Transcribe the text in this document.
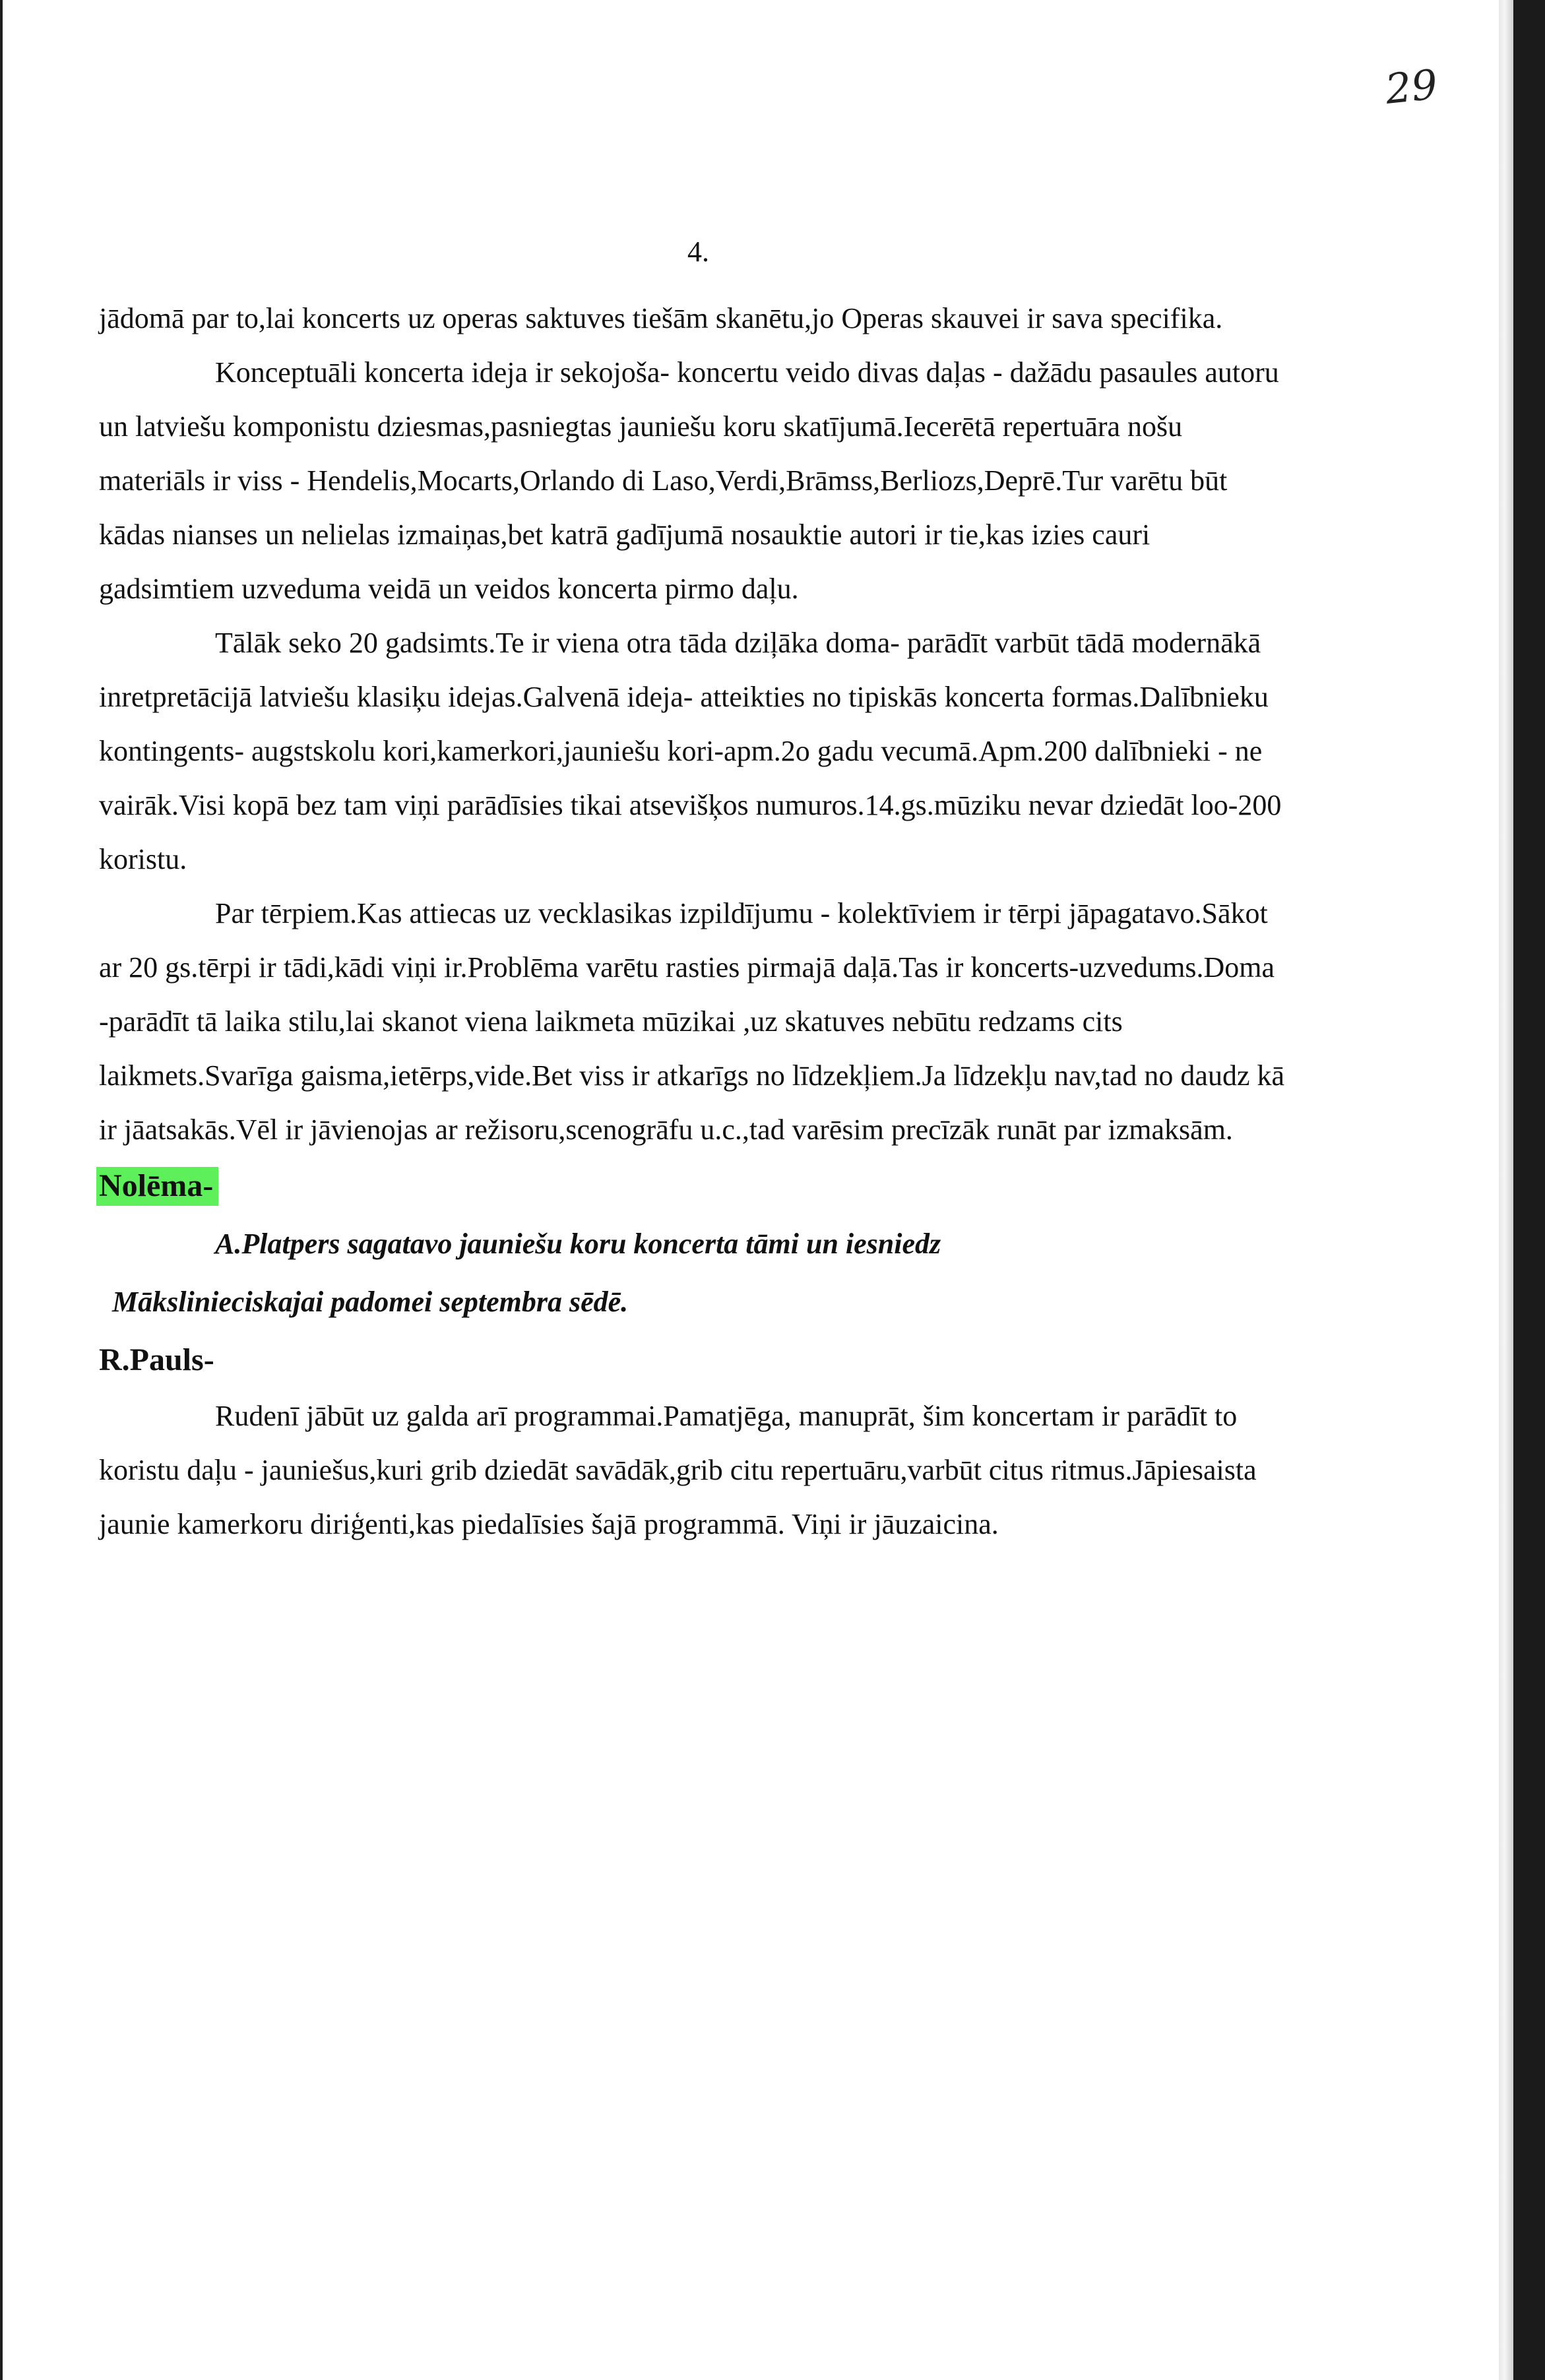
29
4.

jādomā par to,lai koncerts uz operas saktuves tiešām skanētu,jo Operas skauvei ir sava specifika.

Konceptuāli koncerta ideja ir sekojoša- koncertu veido divas daļas - dažādu pasaules autoru un latviešu komponistu dziesmas,pasniegtas jauniešu koru skatījumā.Iecerētā repertuāra nošu materiāls ir viss - Hendelis,Mocarts,Orlando di Laso,Verdi,Brāmss,Berliozs,Deprē.Tur varētu būt kādas nianses un nelielas izmaiņas,bet katrā gadījumā nosauktie autori ir tie,kas izies cauri gadsimtiem uzveduma veidā un veidos koncerta pirmo daļu.

Tālāk seko 20 gadsimts.Te ir viena otra tāda dziļāka doma- parādīt varbūt tādā modernākā inretpretācijā latviešu klasiķu idejas.Galvenā ideja- atteikties no tipiskās koncerta formas.Dalībnieku kontingents- augstskolu kori,kamerkori,jauniešu kori-apm.2o gadu vecumā.Apm.200 dalībnieki - ne vairāk.Visi kopā bez tam viņi parādīsies tikai atsevišķos numuros.14.gs.mūziku nevar dziedāt loo-200 koristu.

Par tērpiem.Kas attiecas uz vecklasikas izpildījumu - kolektīviem ir tērpi jāpagatavo.Sākot ar 20 gs.tērpi ir tādi,kādi viņi ir.Problēma varētu rasties pirmajā daļā.Tas ir koncerts-uzvedums.Doma -parādīt tā laika stilu,lai skanot viena laikmeta mūzikai ,uz skatuves nebūtu redzams cits laikmets.Svarīga gaisma,ietērps,vide.Bet viss ir atkarīgs no līdzekļiem.Ja līdzekļu nav,tad no daudz kā ir jāatsakās.Vēl ir jāvienojas ar režisoru,scenogrāfu u.c.,tad varēsim precīzāk runāt par izmaksām.

Nolēma-

A.Platpers sagatavo jauniešu koru koncerta tāmi un iesniedz

Mākslinieciskajai padomei septembra sēdē.

R.Pauls-

Rudenī jābūt uz galda arī programmai.Pamatjēga, manuprāt, šim koncertam ir parādīt to koristu daļu - jauniešus,kuri grib dziedāt savādāk,grib citu repertuāru,varbūt citus ritmus.Jāpiesaista jaunie kamerkoru diriģenti,kas piedalīsies šajā programmā. Viņi ir jāuzaicina.
